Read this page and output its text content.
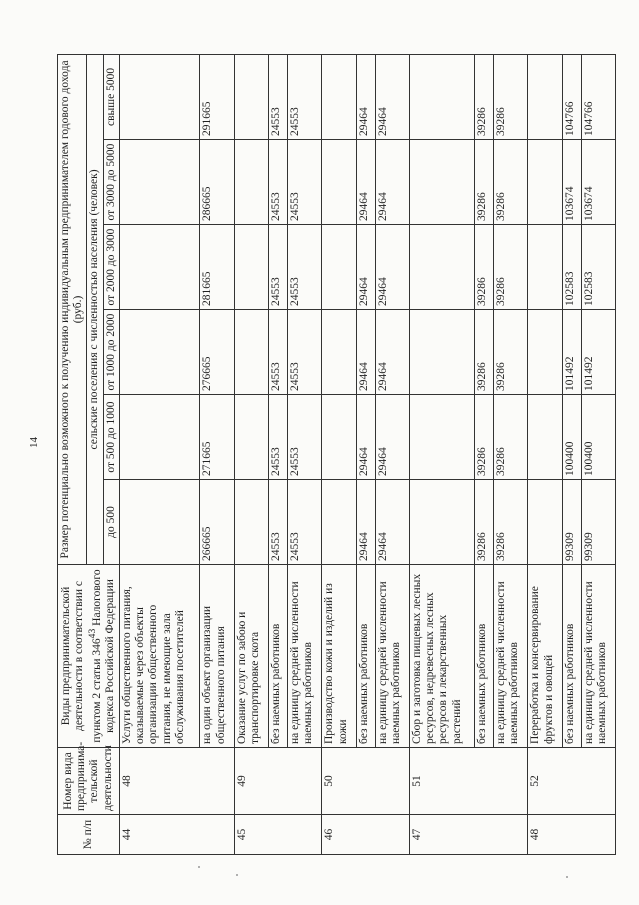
14
№ п/п	Номер вида предпринима-тельской деятельности	Виды предпринимательской деятельности в соответствии с пунктом 2 статьи $346^{43}$ Налогового кодекса Российской Федерации	Размер потенциально возможного к получению индивидуальным предпринимателем годового дохода (руб.)					
			сельские поселения с численностью населения (человек)					
			до 500	от 500 до 1000	от 1000 до 2000	от 2000 до 3000	от 3000 до 5000	свыше 5000
44	48	Услуги общественного питания, оказываемые через объекты организации общественного питания, не имеющие зала обслуживания посетителей						
		на один объект организации общественного питания	266665	271665	276665	281665	286665	291665
45	49	Оказание услуг по забою и транспортировке скота						
		без наемных работников	24553	24553	24553	24553	24553	24553
		на единицу средней численности наемных работников	24553	24553	24553	24553	24553	24553
46	50	Производство кожи и изделий из кожи						
		без наемных работников	29464	29464	29464	29464	29464	29464
		на единицу средней численности наемных работников	29464	29464	29464	29464	29464	29464
47	51	Сбор и заготовка пищевых лесных ресурсов, недревесных лесных ресурсов и лекарственных растений						
		без наемных работников	39286	39286	39286	39286	39286	39286
		на единицу средней численности наемных работников	39286	39286	39286	39286	39286	39286
48	52	Переработка и консервирование фруктов и овощей						
		без наемных работников	99309	100400	101492	102583	103674	104766
		на единицу средней численности наемных работников	99309	100400	101492	102583	103674	104766
